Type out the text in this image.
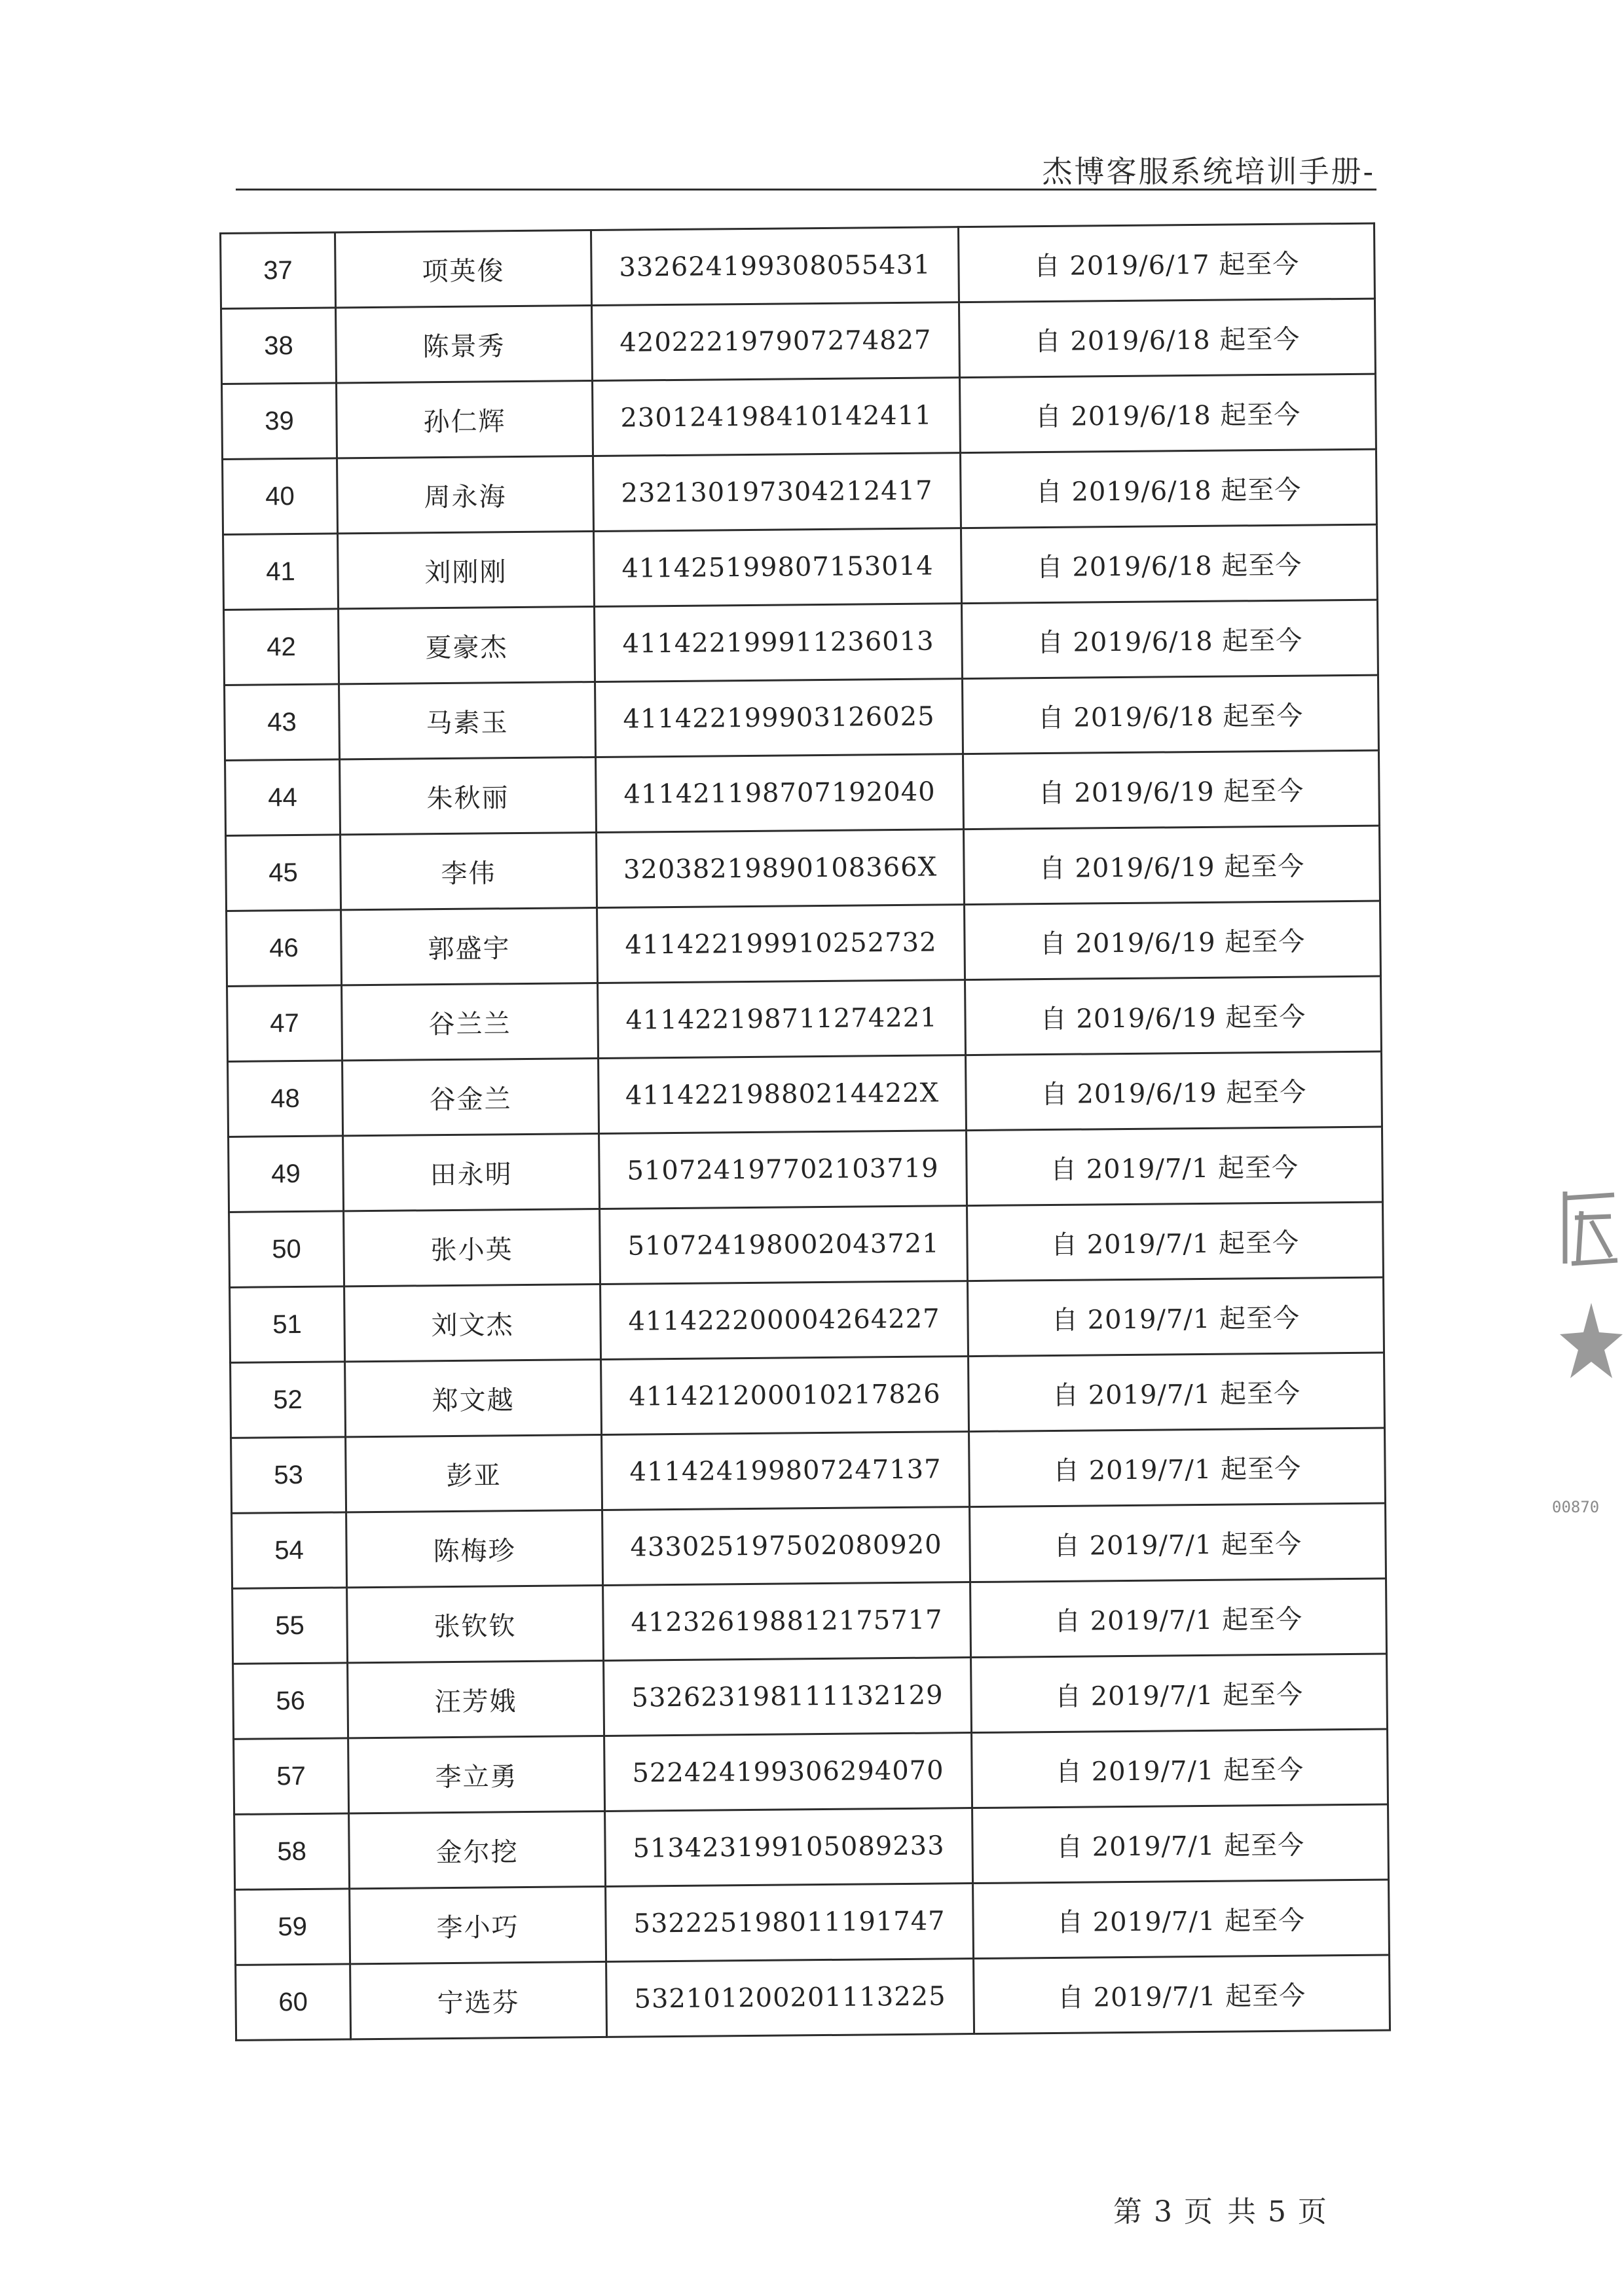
杰博客服系统培训手册-
37	项英俊	332624199308055431	自 2019/6/17 起至今
38	陈景秀	420222197907274827	自 2019/6/18 起至今
39	孙仁辉	230124198410142411	自 2019/6/18 起至今
40	周永海	232130197304212417	自 2019/6/18 起至今
41	刘刚刚	411425199807153014	自 2019/6/18 起至今
42	夏豪杰	411422199911236013	自 2019/6/18 起至今
43	马素玉	411422199903126025	自 2019/6/18 起至今
44	朱秋丽	411421198707192040	自 2019/6/19 起至今
45	李伟	32038219890108366X	自 2019/6/19 起至今
46	郭盛宇	411422199910252732	自 2019/6/19 起至今
47	谷兰兰	411422198711274221	自 2019/6/19 起至今
48	谷金兰	41142219880214422X	自 2019/6/19 起至今
49	田永明	510724197702103719	自 2019/7/1 起至今
50	张小英	510724198002043721	自 2019/7/1 起至今
51	刘文杰	411422200004264227	自 2019/7/1 起至今
52	郑文越	411421200010217826	自 2019/7/1 起至今
53	彭亚	411424199807247137	自 2019/7/1 起至今
54	陈梅珍	433025197502080920	自 2019/7/1 起至今
55	张钦钦	412326198812175717	自 2019/7/1 起至今
56	汪芳娥	532623198111132129	自 2019/7/1 起至今
57	李立勇	522424199306294070	自 2019/7/1 起至今
58	金尔挖	513423199105089233	自 2019/7/1 起至今
59	李小巧	532225198011191747	自 2019/7/1 起至今
60	宁选芬	532101200201113225	自 2019/7/1 起至今
第 3 页 共 5 页
00870
